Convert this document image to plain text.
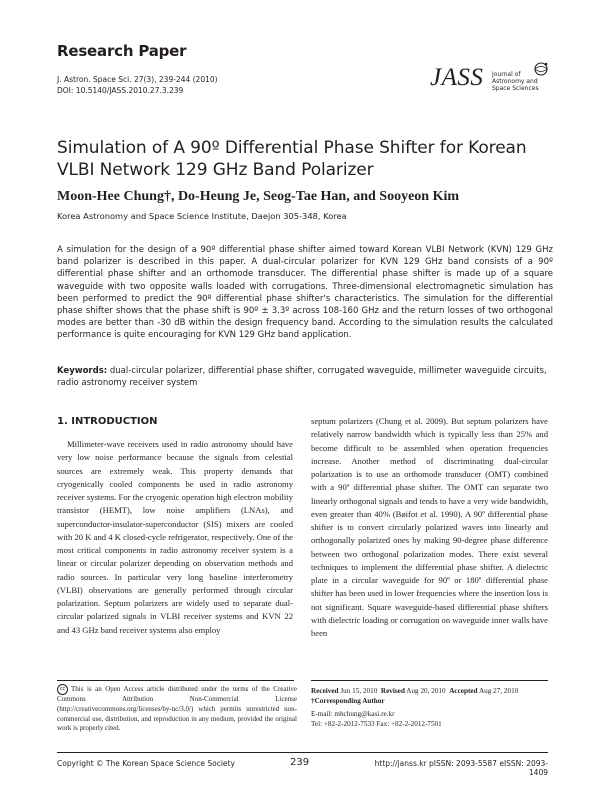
Research Paper
J. Astron. Space Sci. 27(3), 239-244 (2010)
DOI: 10.5140/JASS.2010.27.3.239	JASS Journal of
Astronomy and
Space Sciences
Simulation of A 90º Differential Phase Shifter for Korean VLBI Network 129 GHz Band Polarizer
Moon-Hee Chung†, Do-Heung Je, Seog-Tae Han, and Sooyeon Kim
Korea Astronomy and Space Science Institute, Daejon 305-348, Korea
A simulation for the design of a 90º differential phase shifter aimed toward Korean VLBI Network (KVN) 129 GHz band polarizer is described in this paper. A dual-circular polarizer for KVN 129 GHz band consists of a 90º differential phase shifter and an orthomode transducer. The differential phase shifter is made up of a square waveguide with two opposite walls loaded with corrugations. Three-dimensional electromagnetic simulation has been performed to predict the 90º differential phase shifter's characteristics. The simulation for the differential phase shifter shows that the phase shift is 90º ± 3.3º across 108-160 GHz and the return losses of two orthogonal modes are better than -30 dB within the design frequency band. According to the simulation results the calculated performance is quite encouraging for KVN 129 GHz band application.
Keywords: dual-circular polarizer, differential phase shifter, corrugated waveguide, millimeter waveguide circuits, radio astronomy receiver system
1. INTRODUCTION
Millimeter-wave receivers used in radio astronomy should have very low noise performance because the signals from celestial sources are extremely weak. This property demands that cryogenically cooled components be used in radio astronomy receiver systems. For the cryogenic operation high electron mobility transistor (HEMT), low noise amplifiers (LNAs), and superconductor-insulator-superconductor (SIS) mixers are cooled with 20 K and 4 K closed-cycle refrigerator, respectively. One of the most critical components in radio astronomy receiver system is a linear or circular polarizer depending on observation methods and radio sources. In particular very long baseline interferometry (VLBI) observations are generally performed through circular polarization. Septum polarizers are widely used to separate dual-circular polarized signals in VLBI receiver systems and KVN 22 and 43 GHz band receiver systems also employ
septum polarizers (Chung et al. 2009). But septum polarizers have relatively narrow bandwidth which is typically less than 25% and become difficult to be assembled when operation frequencies increase. Another method of discriminating dual-circular polarization is to use an orthomode transducer (OMT) combined with a 90º differential phase shifter. The OMT can separate two linearly orthogonal signals and tends to have a very wide bandwidth, even greater than 40% (Bøifot et al. 1990). A 90º differential phase shifter is to convert circularly polarized waves into linearly and orthogonally polarized ones by making 90-degree phase difference between two orthogonal polarization modes. There exist several techniques to implement the differential phase shifter. A dielectric plate in a circular waveguide for 90º or 180º differential phase shifter has been used in lower frequencies where the insertion loss is not significant. Square waveguide-based differential phase shifters with dielectric loading or corrugation on waveguide inner walls have been
cc This is an Open Access article distributed under the terms of the Creative Commons Attribution Non-Commercial License (http://creativecommons.org/licenses/by-nc/3.0/) which permits unrestricted non-commercial use, distribution, and reproduction in any medium, provided the original work is properly cited.
Received Jun 15, 2010 Revised Aug 20, 2010 Accepted Aug 27, 2010
†Corresponding Author
E-mail: mhchung@kasi.re.kr
Tel: +82-2-2012-7533 Fax: +82-2-2012-7501
Copyright © The Korean Space Science Society	239	http://janss.kr pISSN: 2093-5587 eISSN: 2093-1409
